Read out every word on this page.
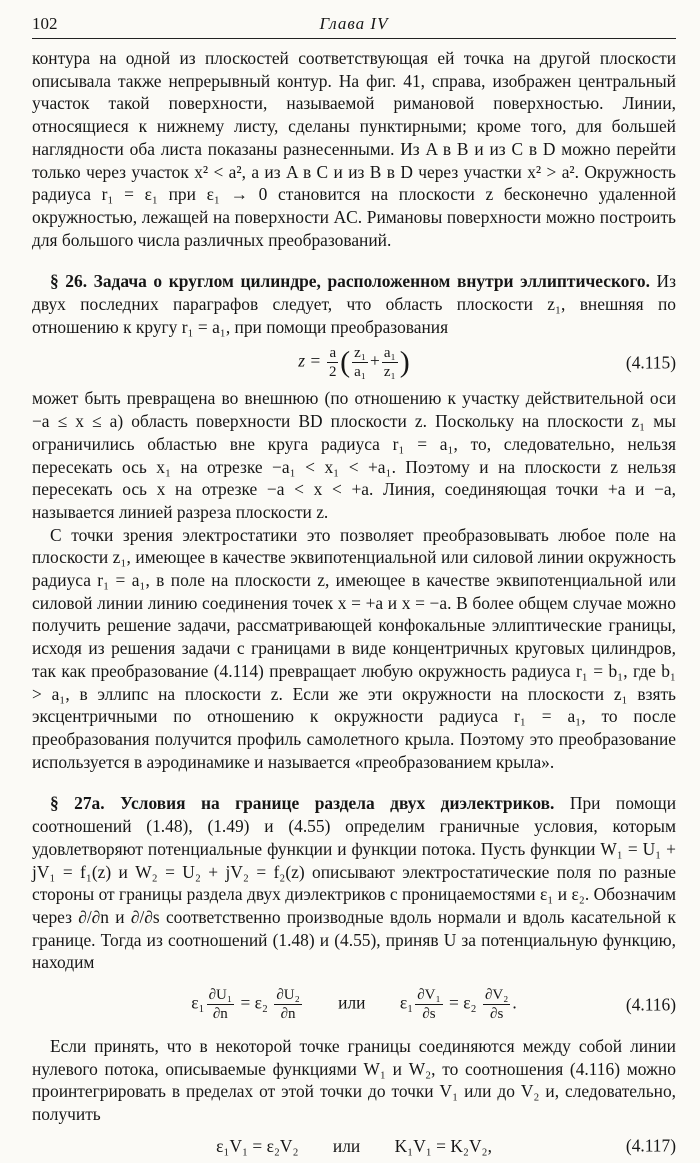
102	Глава IV

контура на одной из плоскостей соответствующая ей точка на другой плоскости описывала также непрерывный контур. На фиг. 41, справа, изображен центральный участок такой поверхности, называемой римановой поверхностью. Линии, относящиеся к нижнему листу, сделаны пунктирными; кроме того, для большей наглядности оба листа показаны разнесенными. Из A в B и из C в D можно перейти только через участок x² < a², а из A в C и из B в D через участки x² > a². Окружность радиуса r₁ = ε₁ при ε₁ → 0 становится на плоскости z бесконечно удаленной окружностью, лежащей на поверхности AC. Римановы поверхности можно построить для большого числа различных преобразований.

§ 26. Задача о круглом цилиндре, расположенном внутри эллиптического. Из двух последних параграфов следует, что область плоскости z₁, внешняя по отношению к кругу r₁ = a₁, при помощи преобразования

$z = \frac{a}{2}$ ( $\frac{\text{z₁}}{\text{a₁}} + \frac{\text{a₁}}{\text{z₁}}$ )	(4.115)

может быть превращена во внешнюю (по отношению к участку действительной оси −a ≤ x ≤ a) область поверхности BD плоскости z. Поскольку на плоскости z₁ мы ограничились областью вне круга радиуса r₁ = a₁, то, следовательно, нельзя пересекать ось x₁ на отрезке −a₁ < x₁ < +a₁. Поэтому и на плоскости z нельзя пересекать ось x на отрезке −a < x < +a. Линия, соединяющая точки +a и −a, называется линией разреза плоскости z.

С точки зрения электростатики это позволяет преобразовывать любое поле на плоскости z₁, имеющее в качестве эквипотенциальной или силовой линии окружность радиуса r₁ = a₁, в поле на плоскости z, имеющее в качестве эквипотенциальной или силовой линии линию соединения точек x = +a и x = −a. В более общем случае можно получить решение задачи, рассматривающей конфокальные эллиптические границы, исходя из решения задачи с границами в виде концентричных круговых цилиндров, так как преобразование (4.114) превращает любую окружность радиуса r₁ = b₁, где b₁ > a₁, в эллипс на плоскости z. Если же эти окружности на плоскости z₁ взять эксцентричными по отношению к окружности радиуса r₁ = a₁, то после преобразования получится профиль самолетного крыла. Поэтому это преобразование используется в аэродинамике и называется «преобразованием крыла».

§ 27а. Условия на границе раздела двух диэлектриков. При помощи соотношений (1.48), (1.49) и (4.55) определим граничные условия, которым удовлетворяют потенциальные функции и функции потока. Пусть функции W₁ = U₁ + jV₁ = f₁(z) и W₂ = U₂ + jV₂ = f₂(z) описывают электростатические поля по разные стороны от границы раздела двух диэлектриков с проницаемостями ε₁ и ε₂. Обозначим через ∂/∂n и ∂/∂s соответственно производные вдоль нормали и вдоль касательной к границе. Тогда из соотношений (1.48) и (4.55), приняв U за потенциальную функцию, находим

$\varepsilon_1 \frac{\text{∂U₁}}{\partial n} = \varepsilon_2 \frac{\text{∂U₂}}{\partial n}$ или $\varepsilon_1 \frac{\text{∂V₁}}{\partial s} = \varepsilon_2 \frac{\text{∂V₂}}{\partial s}$ .	(4.116)

Если принять, что в некоторой точке границы соединяются между собой линии нулевого потока, описываемые функциями W₁ и W₂, то соотношения (4.116) можно проинтегрировать в пределах от этой точки до точки V₁ или до V₂ и, следовательно, получить

ε₁V₁ = ε₂V₂ или K₁V₁ = K₂V₂,	(4.117)
